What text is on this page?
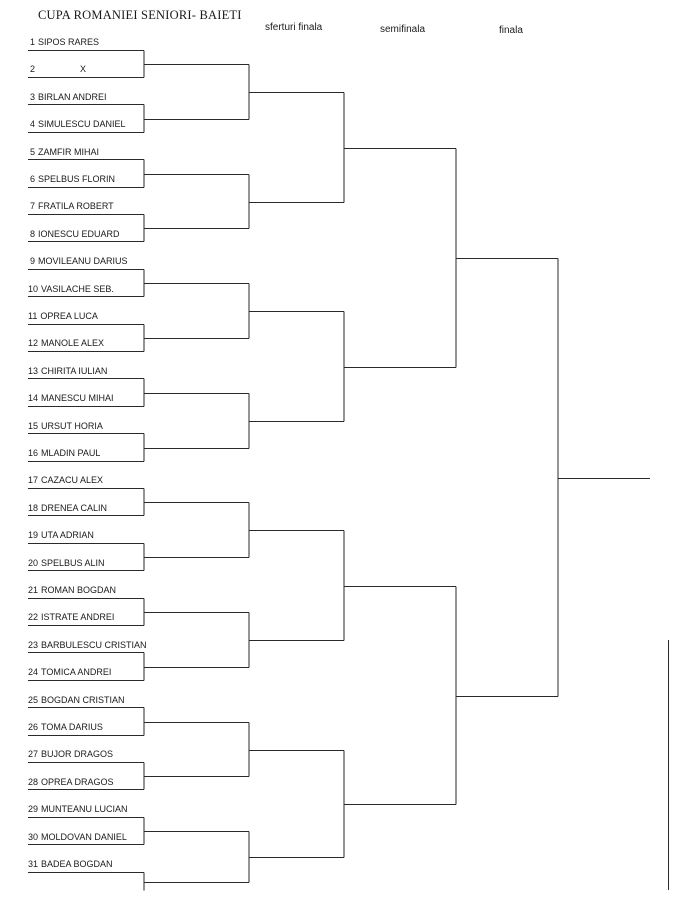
CUPA ROMANIEI SENIORI- BAIETI
sferturi finala	semifinala	finala
1 SIPOS RARES
2	X
3 BIRLAN ANDREI
4 SIMULESCU DANIEL
5 ZAMFIR MIHAI
6 SPELBUS FLORIN
7 FRATILA ROBERT
8 IONESCU EDUARD
9 MOVILEANU DARIUS
10 VASILACHE SEB.
11 OPREA LUCA
12 MANOLE ALEX
13 CHIRITA IULIAN
14 MANESCU MIHAI
15 URSUT HORIA
16 MLADIN PAUL
17 CAZACU ALEX
18 DRENEA CALIN
19 UTA ADRIAN
20 SPELBUS ALIN
21 ROMAN BOGDAN
22 ISTRATE ANDREI
23 BARBULESCU CRISTIAN
24 TOMICA ANDREI
25 BOGDAN CRISTIAN
26 TOMA DARIUS
27 BUJOR DRAGOS
28 OPREA DRAGOS
29 MUNTEANU LUCIAN
30 MOLDOVAN DANIEL
31 BADEA BOGDAN
